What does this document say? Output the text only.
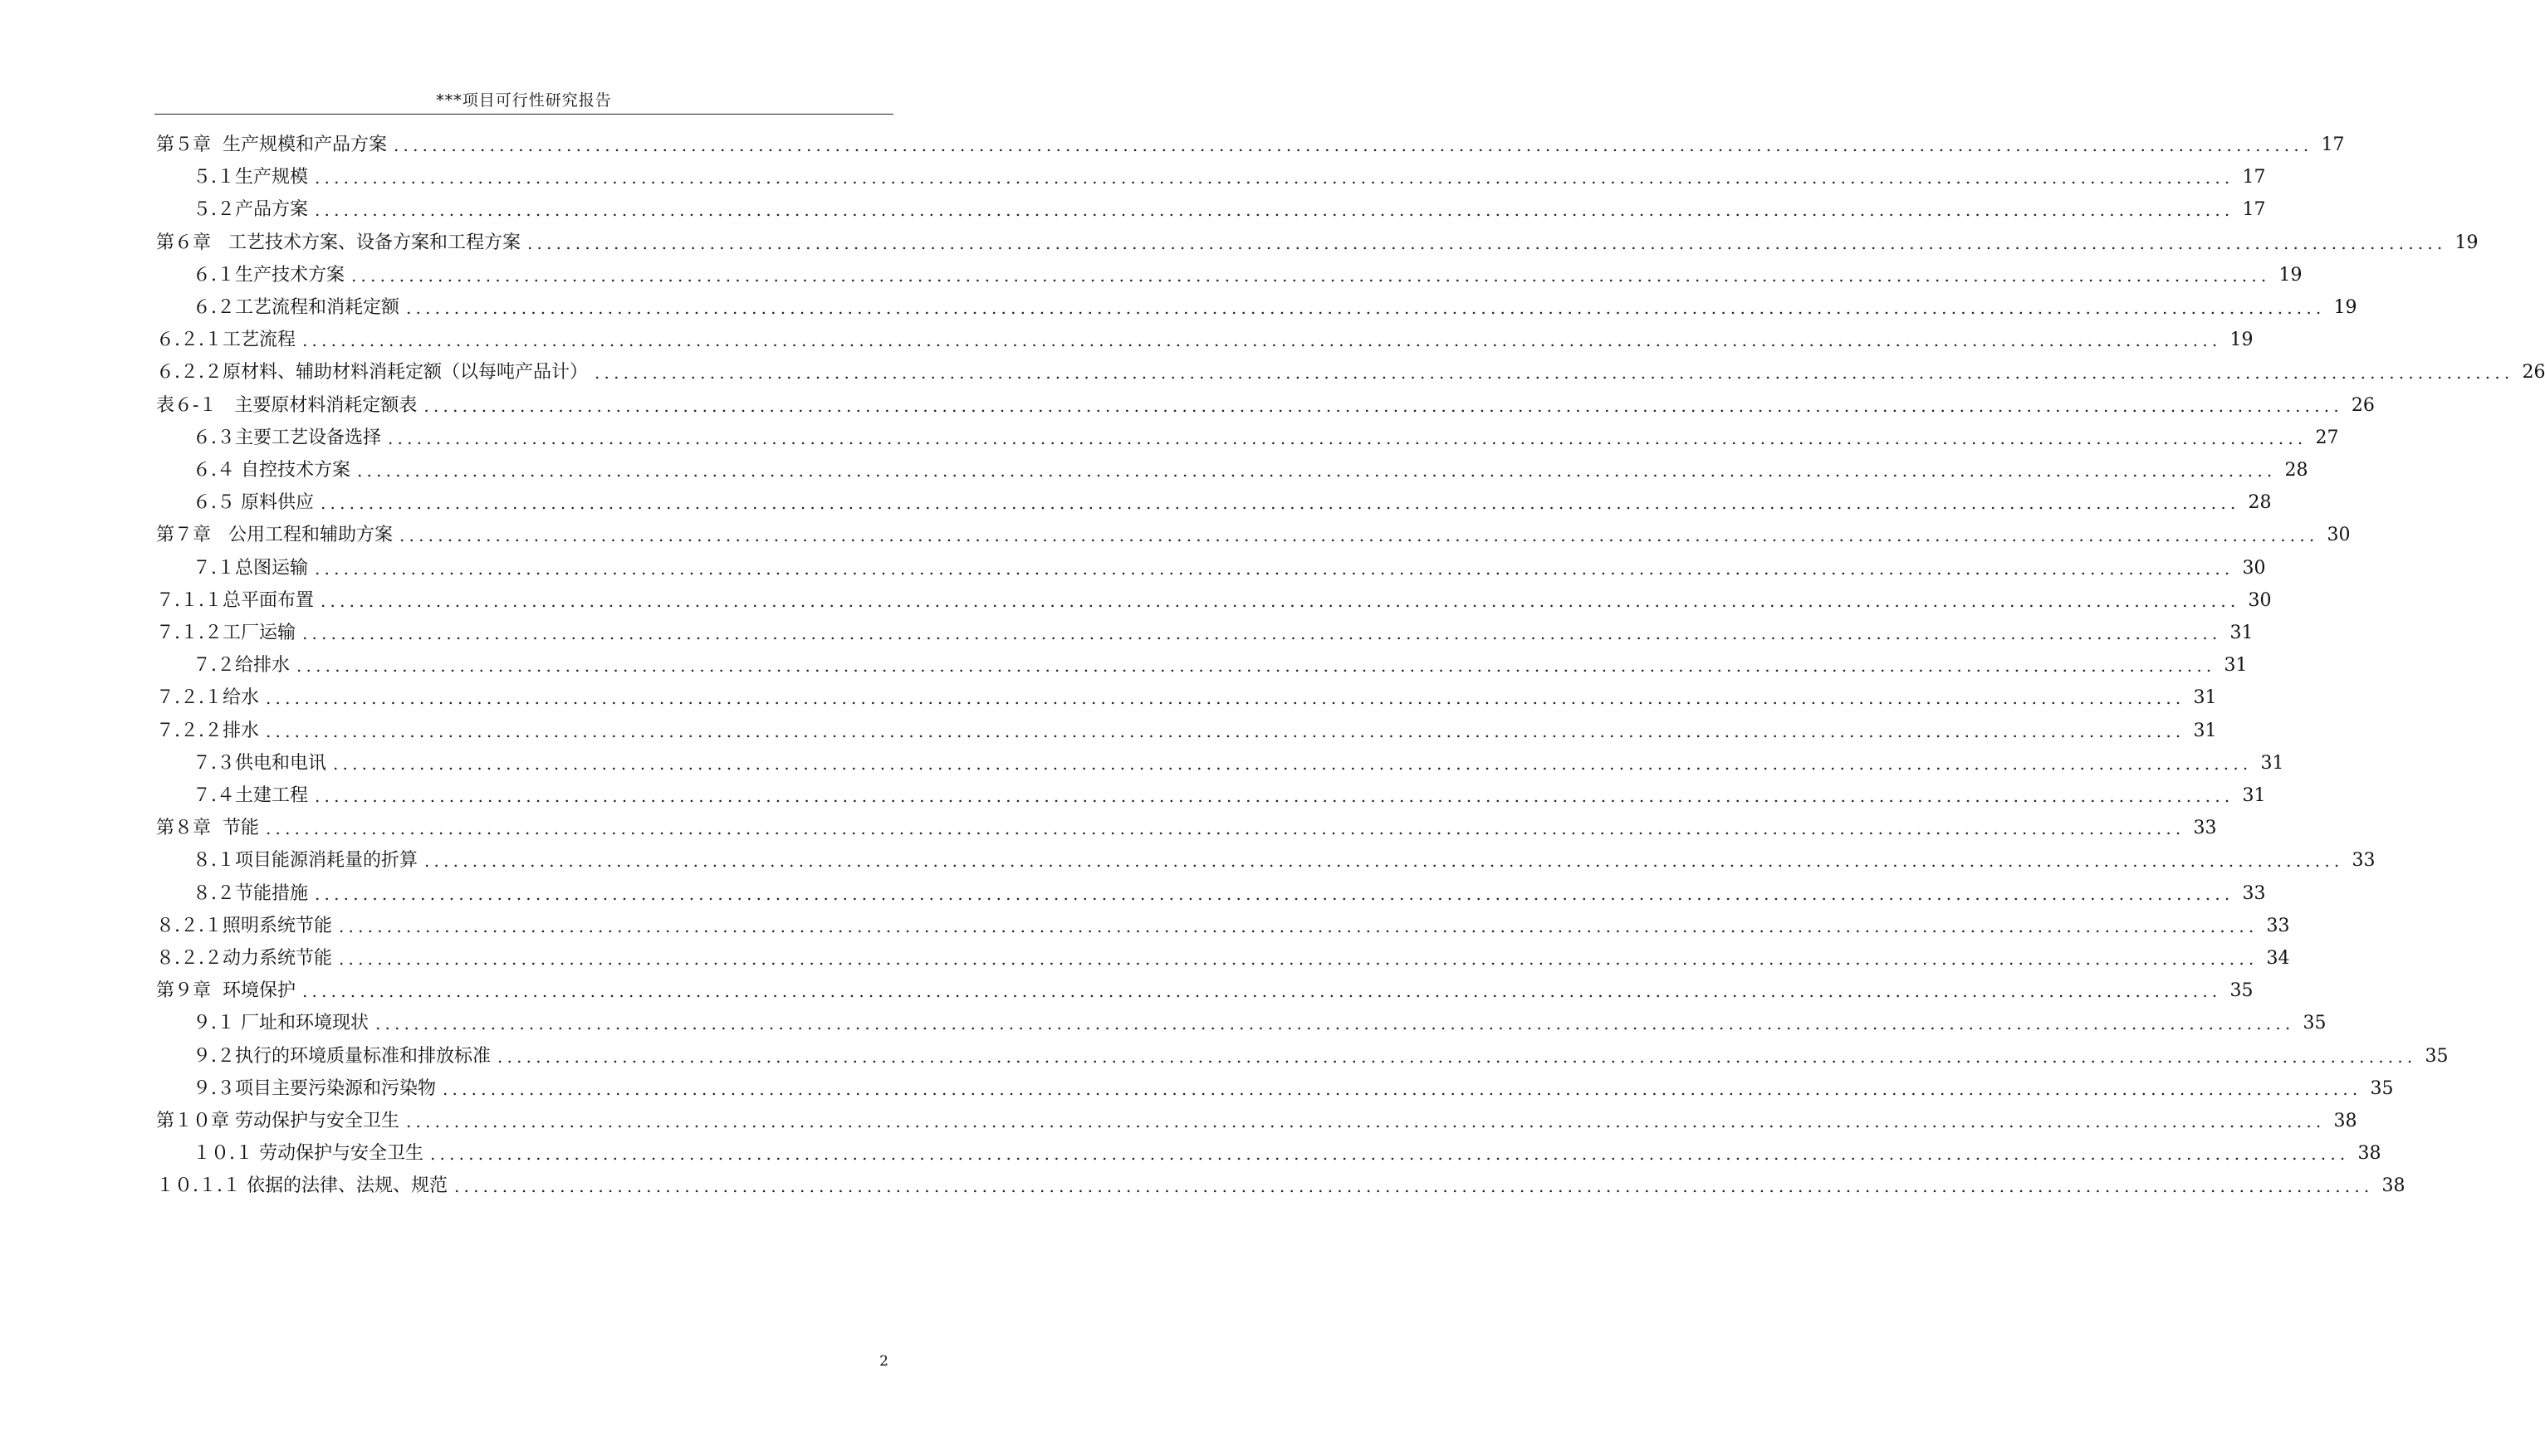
***项目可行性研究报告
第５章  生产规模和产品方案 ........................................................................................................................................................................................................ 17
５.１生产规模 ........................................................................................................................................................................................................ 17
５.２产品方案 ........................................................................................................................................................................................................ 17
第６章   工艺技术方案、设备方案和工程方案 ........................................................................................................................................................................................................ 19
６.１生产技术方案 ........................................................................................................................................................................................................ 19
６.２工艺流程和消耗定额 ........................................................................................................................................................................................................ 19
６.２.１工艺流程 ........................................................................................................................................................................................................ 19
６.２.２原材料、辅助材料消耗定额（以每吨产品计） ........................................................................................................................................................................................................ 26
表６-１   主要原材料消耗定额表 ........................................................................................................................................................................................................ 26
６.３主要工艺设备选择 ........................................................................................................................................................................................................ 27
６.４ 自控技术方案 ........................................................................................................................................................................................................ 28
６.５ 原料供应 ........................................................................................................................................................................................................ 28
第７章   公用工程和辅助方案 ........................................................................................................................................................................................................ 30
７.１总图运输 ........................................................................................................................................................................................................ 30
７.１.１总平面布置 ........................................................................................................................................................................................................ 30
７.１.２工厂运输 ........................................................................................................................................................................................................ 31
７.２给排水 ........................................................................................................................................................................................................ 31
７.２.１给水 ........................................................................................................................................................................................................ 31
７.２.２排水 ........................................................................................................................................................................................................ 31
７.３供电和电讯 ........................................................................................................................................................................................................ 31
７.４土建工程 ........................................................................................................................................................................................................ 31
第８章  节能 ........................................................................................................................................................................................................ 33
８.１项目能源消耗量的折算 ........................................................................................................................................................................................................ 33
８.２节能措施 ........................................................................................................................................................................................................ 33
８.２.１照明系统节能 ........................................................................................................................................................................................................ 33
８.２.２动力系统节能 ........................................................................................................................................................................................................ 34
第９章  环境保护 ........................................................................................................................................................................................................ 35
９.１ 厂址和环境现状 ........................................................................................................................................................................................................ 35
９.２执行的环境质量标准和排放标准 ........................................................................................................................................................................................................ 35
９.３项目主要污染源和污染物 ........................................................................................................................................................................................................ 35
第１０章 劳动保护与安全卫生 ........................................................................................................................................................................................................ 38
１０.１ 劳动保护与安全卫生 ........................................................................................................................................................................................................ 38
１０.１.１ 依据的法律、法规、规范 ........................................................................................................................................................................................................ 38
2
